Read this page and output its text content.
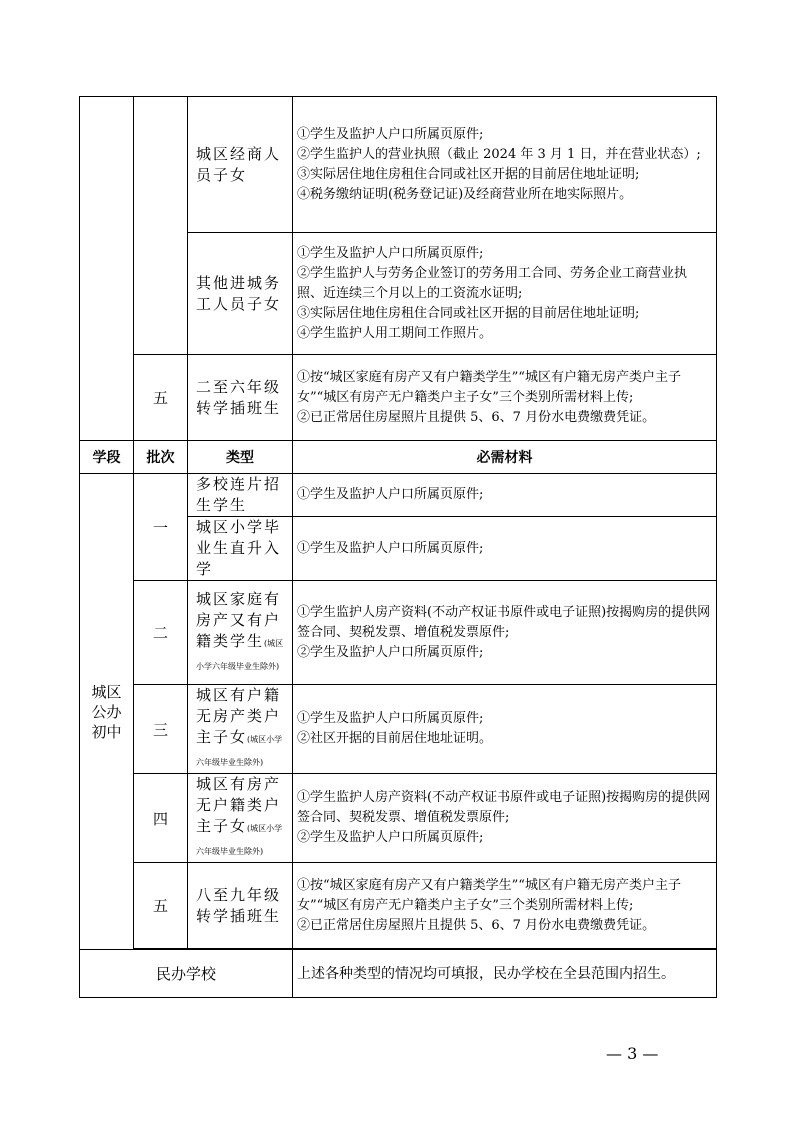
		城区经商人员子女	①学生及监护人户口所属页原件;
②学生监护人的营业执照（截止 2024 年 3 月 1 日，并在营业状态）;
③实际居住地住房租住合同或社区开据的目前居住地址证明;
④税务缴纳证明(税务登记证)及经商营业所在地实际照片。

		其他进城务工人员子女	①学生及监护人户口所属页原件;
②学生监护人与劳务企业签订的劳务用工合同、劳务企业工商营业执照、近连续三个月以上的工资流水证明;
③实际居住地住房租住合同或社区开据的目前居住地址证明;
④学生监护人用工期间工作照片。

	五	二至六年级转学插班生	①按“城区家庭有房产又有户籍类学生”“城区有户籍无房产类户主子女”“城区有房产无户籍类户主子女”三个类别所需材料上传;
②已正常居住房屋照片且提供 5、6、7 月份水电费缴费凭证。

学段	批次	类型	必需材料
城区公办初中	一	多校连片招生学生	①学生及监护人户口所属页原件;

		城区小学毕业生直升入学	①学生及监护人户口所属页原件;

	二	城区家庭有房产又有户籍类学生(城区小学六年级毕业生除外)	①学生监护人房产资料(不动产权证书原件或电子证照)按揭购房的提供网签合同、契税发票、增值税发票原件;
②学生及监护人户口所属页原件;

	三	城区有户籍无房产类户主子女(城区小学六年级毕业生除外)	①学生及监护人户口所属页原件;
②社区开据的目前居住地址证明。

	四	城区有房产无户籍类户主子女(城区小学六年级毕业生除外)	①学生监护人房产资料(不动产权证书原件或电子证照)按揭购房的提供网签合同、契税发票、增值税发票原件;
②学生及监护人户口所属页原件;

	五	八至九年级转学插班生	①按“城区家庭有房产又有户籍类学生”“城区有户籍无房产类户主子女”“城区有房产无户籍类户主子女”三个类别所需材料上传;
②已正常居住房屋照片且提供 5、6、7 月份水电费缴费凭证。

民办学校			上述各种类型的情况均可填报，民办学校在全县范围内招生。
— 3 —
